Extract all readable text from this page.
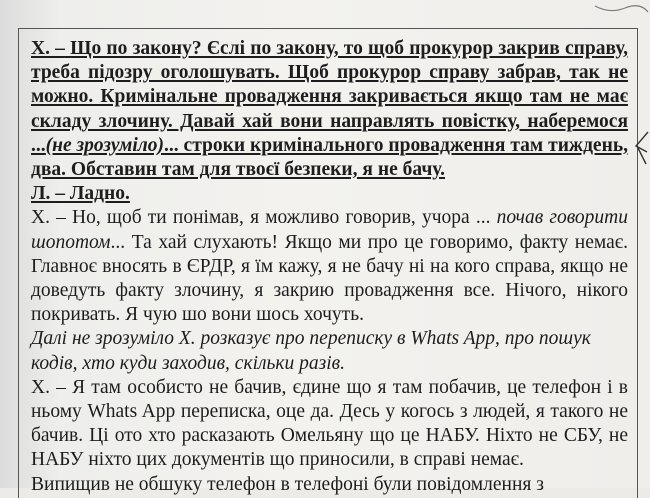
Х. – Що по закону? Єслі по закону, то щоб прокурор закрив справу, треба підозру оголошувать. Щоб прокурор справу забрав, так не можно. Кримінальне провадження закривається якщо там не має складу злочину. Давай хай вони направлять повістку, наберемося ...(не зрозуміло)... строки кримінального провадження там тиждень, два. Обставин там для твоєї безпеки, я не бачу.

Л. – Ладно.

Х. – Но, щоб ти понімав, я можливо говорив, учора ... почав говорити шопотом... Та хай слухають! Якщо ми про це говоримо, факту немає. Главноє вносять в ЄРДР, я їм кажу, я не бачу ні на кого справа, якщо не доведуть факту злочину, я закрию провадження все. Нічого, нікого покривать. Я чую шо вони шось хочуть.

Далі не зрозуміло Х. розказує про переписку в Whats App, про пошук кодів, хто куди заходив, скільки разів.

Х. – Я там особисто не бачив, єдине що я там побачив, це телефон і в ньому Whats App переписка, оце да. Десь у когось з людей, я такого не бачив. Ці ото хто расказають Омельяну що це НАБУ. Ніхто не СБУ, не НАБУ ніхто цих документів що приносили, в справі немає.

Випищив не обшуку телефон в телефоні були повідомлення з
